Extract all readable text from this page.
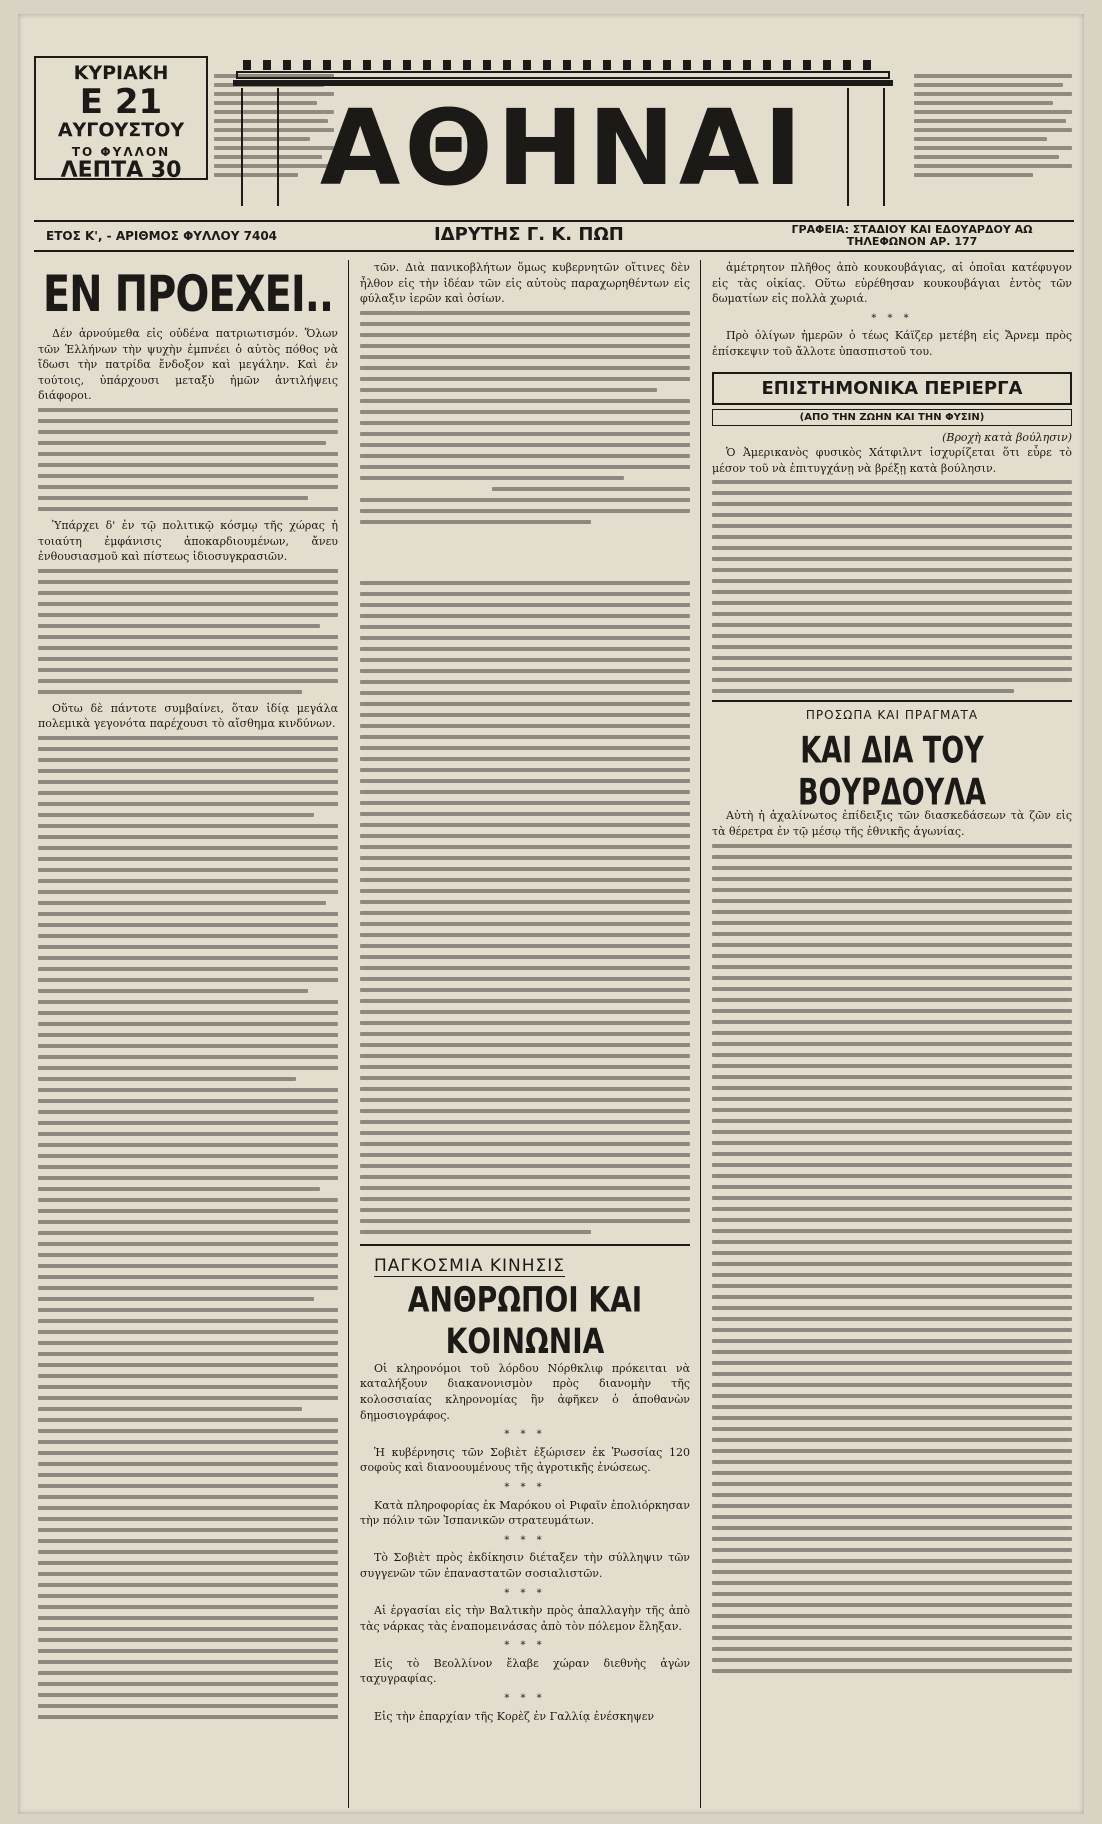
ΚΥΡΙΑΚΗ
Ε 21
ΑΥΓΟΥΣΤΟΥ
ΤΟ ΦΥΛΛΟΝ
ΛΕΠΤΑ 30 ΑΘΗΝΑΙ
ΕΤΟΣ Κ', - ΑΡΙΘΜΟΣ ΦΥΛΛΟΥ 7404	ΙΔΡΥΤΗΣ Γ. Κ. ΠΩΠ	ΓΡΑΦΕΙΑ: ΣΤΑΔΙΟΥ ΚΑΙ ΕΔΟΥΑΡΔΟΥ ΑΩ
ΤΗΛΕΦΩΝΟΝ ΑΡ. 177
ΕΝ ΠΡΟΕΧΕΙ..

Δέν ἀρνούμεθα εἰς οὐδένα πατριωτισμόν. Ὅλων τῶν Ἑλλήνων τὴν ψυχὴν ἐμπνέει ὁ αὐτὸς πόθος νὰ ἴδωσι τὴν πατρίδα ἔνδοξον καὶ μεγάλην. Καὶ ἐν τούτοις, ὑπάρχουσι μεταξὺ ἡμῶν ἀντιλήψεις διάφοροι.

Ὑπάρχει δ' ἐν τῷ πολιτικῷ κόσμῳ τῆς χώρας ἡ τοιαύτη ἐμφάνισις ἀποκαρδιουμένων, ἄνευ ἐνθουσιασμοῦ καὶ πίστεως ἰδιοσυγκρασιῶν.

Οὕτω δὲ πάντοτε συμβαίνει, ὅταν ἰδίᾳ μεγάλα πολεμικὰ γεγονότα παρέχουσι τὸ αἴσθημα κινδύνων.

τῶν. Διὰ πανικοβλήτων ὅμως κυβερνητῶν οἵτινες δὲν ἦλθον εἰς τὴν ἰδέαν τῶν εἰς αὐτοὺς παραχωρηθέντων εἰς φύλαξιν ἱερῶν καὶ ὁσίων.

ΠΑΓΚΟΣΜΙΑ ΚΙΝΗΣΙΣ
ΑΝΘΡΩΠΟΙ ΚΑΙ ΚΟΙΝΩΝΙΑ

Οἱ κληρονόμοι τοῦ λόρδου Νόρθκλιφ πρόκειται νὰ καταλήξουν διακανονισμὸν πρὸς διανομὴν τῆς κολοσσιαίας κληρονομίας ἣν ἀφῆκεν ὁ ἀποθανὼν δημοσιογράφος.

* * *

Ἡ κυβέρνησις τῶν Σοβιὲτ ἐξώρισεν ἐκ Ῥωσσίας 120 σοφοὺς καὶ διανοουμένους τῆς ἀγροτικῆς ἐνώσεως.

* * *

Κατὰ πληροφορίας ἐκ Μαρόκου οἱ Ριφαῖν ἐπολιόρκησαν τὴν πόλιν τῶν Ἰσπανικῶν στρατευμάτων.

* * *

Τὸ Σοβιὲτ πρὸς ἐκδίκησιν διέταξεν τὴν σύλληψιν τῶν συγγενῶν τῶν ἐπαναστατῶν σοσιαλιστῶν.

* * *

Αἱ ἐργασίαι εἰς τὴν Βαλτικὴν πρὸς ἀπαλλαγὴν τῆς ἀπὸ τὰς νάρκας τὰς ἐναπομεινάσας ἀπὸ τὸν πόλεμον ἔληξαν.

* * *

Εἰς τὸ Βεολλίνον ἔλαβε χώραν διεθνὴς ἀγὼν ταχυγραφίας.

* * *

Εἰς τὴν ἐπαρχίαν τῆς Κορὲζ ἐν Γαλλίᾳ ἐνέσκηψεν

ἀμέτρητον πλῆθος ἀπὸ κουκουβάγιας, αἱ ὁποῖαι κατέφυγον εἰς τὰς οἰκίας. Οὕτω εὑρέθησαν κουκουβάγιαι ἐντὸς τῶν δωματίων εἰς πολλὰ χωριά.

* * *

Πρὸ ὀλίγων ἡμερῶν ὁ τέως Κάϊζερ μετέβη εἰς Ἄρνεμ πρὸς ἐπίσκεψιν τοῦ ἄλλοτε ὑπασπιστοῦ του.

ΕΠΙΣΤΗΜΟΝΙΚΑ ΠΕΡΙΕΡΓΑ
(ΑΠΟ ΤΗΝ ΖΩΗΝ ΚΑΙ ΤΗΝ ΦΥΣΙΝ)
(Βροχὴ κατὰ βούλησιν)

Ὁ Ἀμερικανὸς φυσικὸς Χάτφιλντ ἰσχυρίζεται ὅτι εὗρε τὸ μέσον τοῦ νὰ ἐπιτυγχάνῃ νὰ βρέξῃ κατὰ βούλησιν.

ΠΡΟΣΩΠΑ ΚΑΙ ΠΡΑΓΜΑΤΑ
ΚΑΙ ΔΙΑ ΤΟΥ ΒΟΥΡΔΟΥΛΑ

Αὐτὴ ἡ ἀχαλίνωτος ἐπίδειξις τῶν διασκεδάσεων τὰ ζῶν εἰς τὰ θέρετρα ἐν τῷ μέσῳ τῆς ἐθνικῆς ἀγωνίας.
